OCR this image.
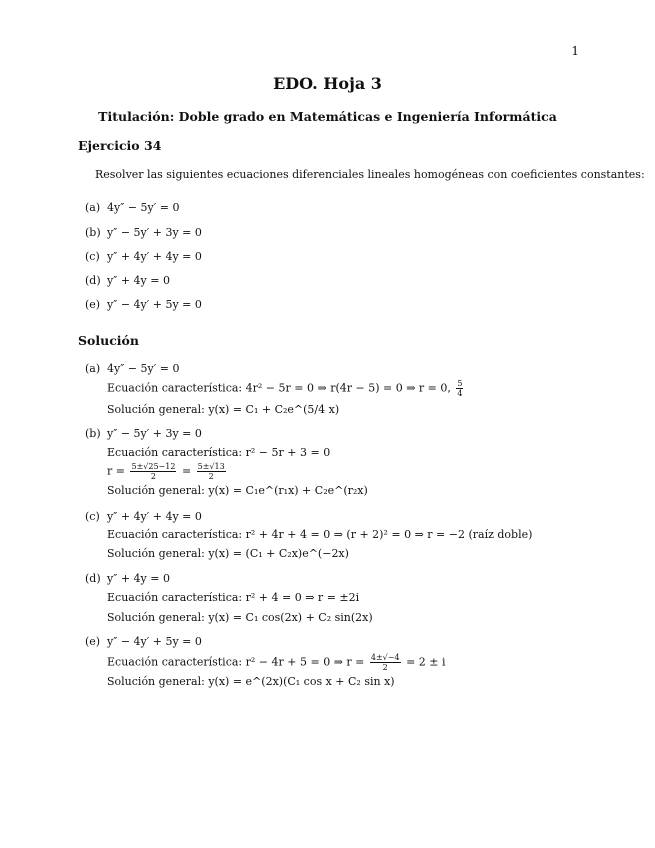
1
EDO. Hoja 3
Titulación: Doble grado en Matemáticas e Ingeniería Informática
Ejercicio 34
Resolver las siguientes ecuaciones diferenciales lineales homogéneas con coeficientes constantes:
(a) 4y″ − 5y′ = 0
(b) y″ − 5y′ + 3y = 0
(c) y″ + 4y′ + 4y = 0
(d) y″ + 4y = 0
(e) y″ − 4y′ + 5y = 0
Solución
(a) 4y″ − 5y′ = 0
Ecuación característica: 4r² − 5r = 0 ⇒ r(4r − 5) = 0 ⇒ r = 0, $\frac{5}{4}$
Solución general: y(x) = C₁ + C₂e^(5/4 x)
(b) y″ − 5y′ + 3y = 0
Ecuación característica: r² − 5r + 3 = 0
$r = \frac{5\pm√25-12}{2} = \frac{5\pm√13}{2}$
Solución general: y(x) = C₁e^(r₁x) + C₂e^(r₂x)
(c) y″ + 4y′ + 4y = 0
Ecuación característica: r² + 4r + 4 = 0 ⇒ (r + 2)² = 0 ⇒ r = −2 (raíz doble)
Solución general: y(x) = (C₁ + C₂x)e^(−2x)
(d) y″ + 4y = 0
Ecuación característica: r² + 4 = 0 ⇒ r = ±2i
Solución general: y(x) = C₁ cos(2x) + C₂ sin(2x)
(e) y″ − 4y′ + 5y = 0
Ecuación característica: r² − 4r + 5 = 0 ⇒ $r = \frac{4\pm√-4}{2} = 2 \pm i$
Solución general: y(x) = e^(2x)(C₁ cos x + C₂ sin x)
